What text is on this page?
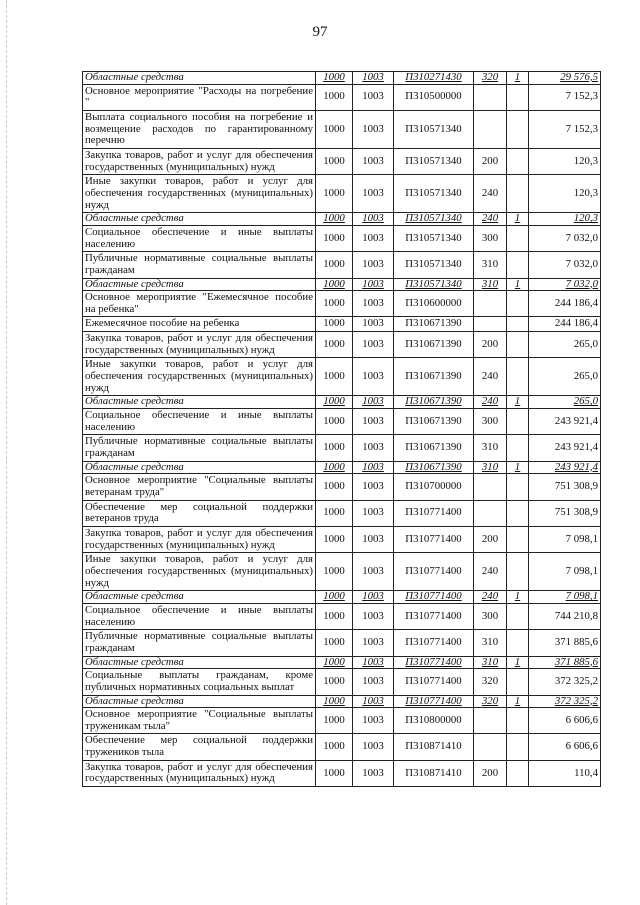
97
Областные средства	1000	1003	П310271430	320	1	29 576,5
Основное мероприятие "Расходы на погребение "	1000	1003	П310500000			7 152,3
Выплата социального пособия на погребение и возмещение расходов по гарантированному перечню	1000	1003	П310571340			7 152,3
Закупка товаров, работ и услуг для обеспечения государственных (муниципальных) нужд	1000	1003	П310571340	200		120,3
Иные закупки товаров, работ и услуг для обеспечения государственных (муниципальных) нужд	1000	1003	П310571340	240		120,3
Областные средства	1000	1003	П310571340	240	1	120,3
Социальное обеспечение и иные выплаты населению	1000	1003	П310571340	300		7 032,0
Публичные нормативные социальные выплаты гражданам	1000	1003	П310571340	310		7 032,0
Областные средства	1000	1003	П310571340	310	1	7 032,0
Основное мероприятие "Ежемесячное пособие на ребенка"	1000	1003	П310600000			244 186,4
Ежемесячное пособие на ребенка	1000	1003	П310671390			244 186,4
Закупка товаров, работ и услуг для обеспечения государственных (муниципальных) нужд	1000	1003	П310671390	200		265,0
Иные закупки товаров, работ и услуг для обеспечения государственных (муниципальных) нужд	1000	1003	П310671390	240		265,0
Областные средства	1000	1003	П310671390	240	1	265,0
Социальное обеспечение и иные выплаты населению	1000	1003	П310671390	300		243 921,4
Публичные нормативные социальные выплаты гражданам	1000	1003	П310671390	310		243 921,4
Областные средства	1000	1003	П310671390	310	1	243 921,4
Основное мероприятие "Социальные выплаты ветеранам труда"	1000	1003	П310700000			751 308,9
Обеспечение мер социальной поддержки ветеранов труда	1000	1003	П310771400			751 308,9
Закупка товаров, работ и услуг для обеспечения государственных (муниципальных) нужд	1000	1003	П310771400	200		7 098,1
Иные закупки товаров, работ и услуг для обеспечения государственных (муниципальных) нужд	1000	1003	П310771400	240		7 098,1
Областные средства	1000	1003	П310771400	240	1	7 098,1
Социальное обеспечение и иные выплаты населению	1000	1003	П310771400	300		744 210,8
Публичные нормативные социальные выплаты гражданам	1000	1003	П310771400	310		371 885,6
Областные средства	1000	1003	П310771400	310	1	371 885,6
Социальные выплаты гражданам, кроме публичных нормативных социальных выплат	1000	1003	П310771400	320		372 325,2
Областные средства	1000	1003	П310771400	320	1	372 325,2
Основное мероприятие "Социальные выплаты труженикам тыла"	1000	1003	П310800000			6 606,6
Обеспечение мер социальной поддержки тружеников тыла	1000	1003	П310871410			6 606,6
Закупка товаров, работ и услуг для обеспечения государственных (муниципальных) нужд	1000	1003	П310871410	200		110,4
